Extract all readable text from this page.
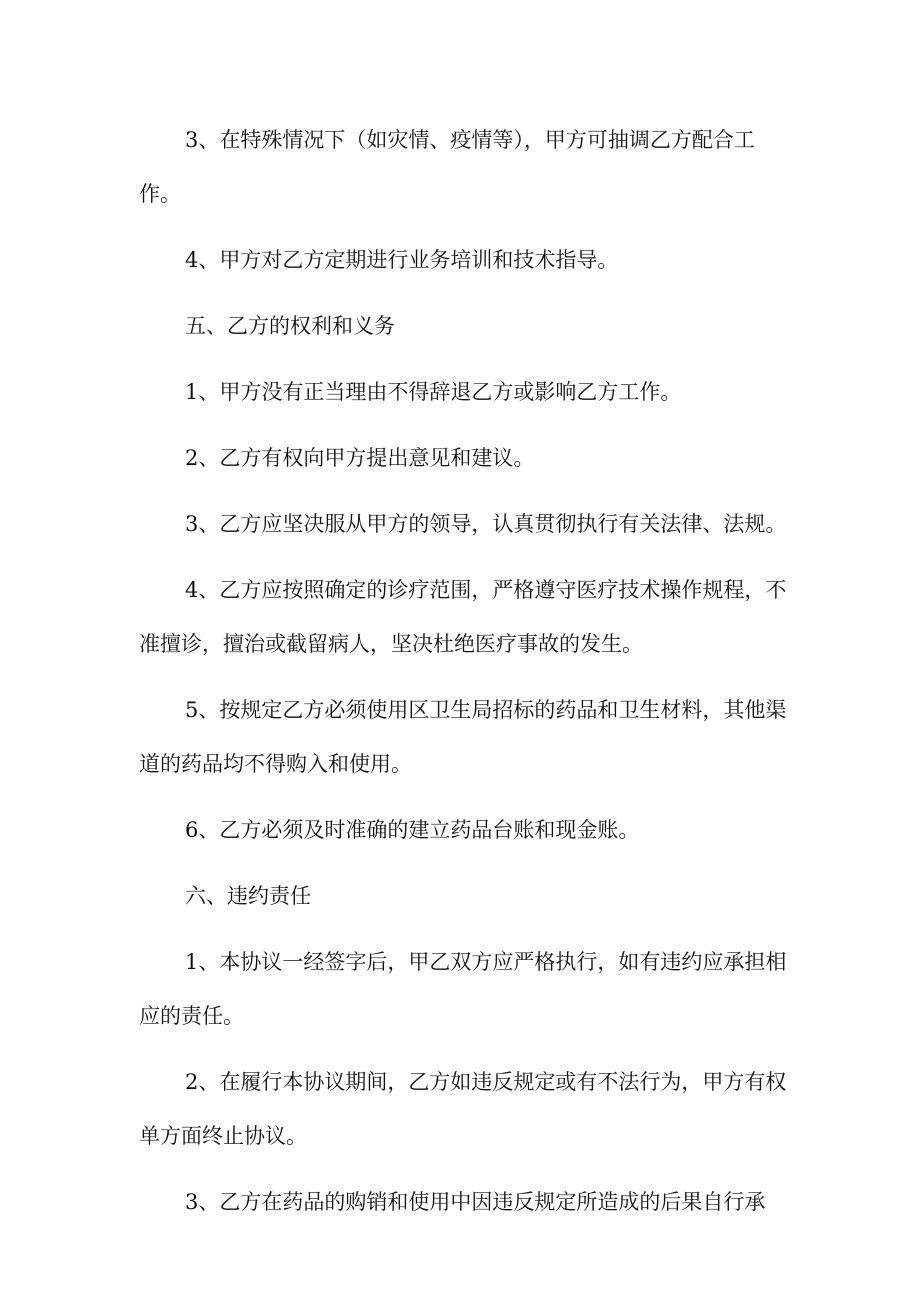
3、在特殊情况下（如灾情、疫情等），甲方可抽调乙方配合工作。

4、甲方对乙方定期进行业务培训和技术指导。

五、乙方的权利和义务

1、甲方没有正当理由不得辞退乙方或影响乙方工作。

2、乙方有权向甲方提出意见和建议。

3、乙方应坚决服从甲方的领导，认真贯彻执行有关法律、法规。

4、乙方应按照确定的诊疗范围，严格遵守医疗技术操作规程，不准擅诊，擅治或截留病人，坚决杜绝医疗事故的发生。

5、按规定乙方必须使用区卫生局招标的药品和卫生材料，其他渠道的药品均不得购入和使用。

6、乙方必须及时准确的建立药品台账和现金账。

六、违约责任

1、本协议一经签字后，甲乙双方应严格执行，如有违约应承担相应的责任。

2、在履行本协议期间，乙方如违反规定或有不法行为，甲方有权单方面终止协议。

3、乙方在药品的购销和使用中因违反规定所造成的后果自行承
